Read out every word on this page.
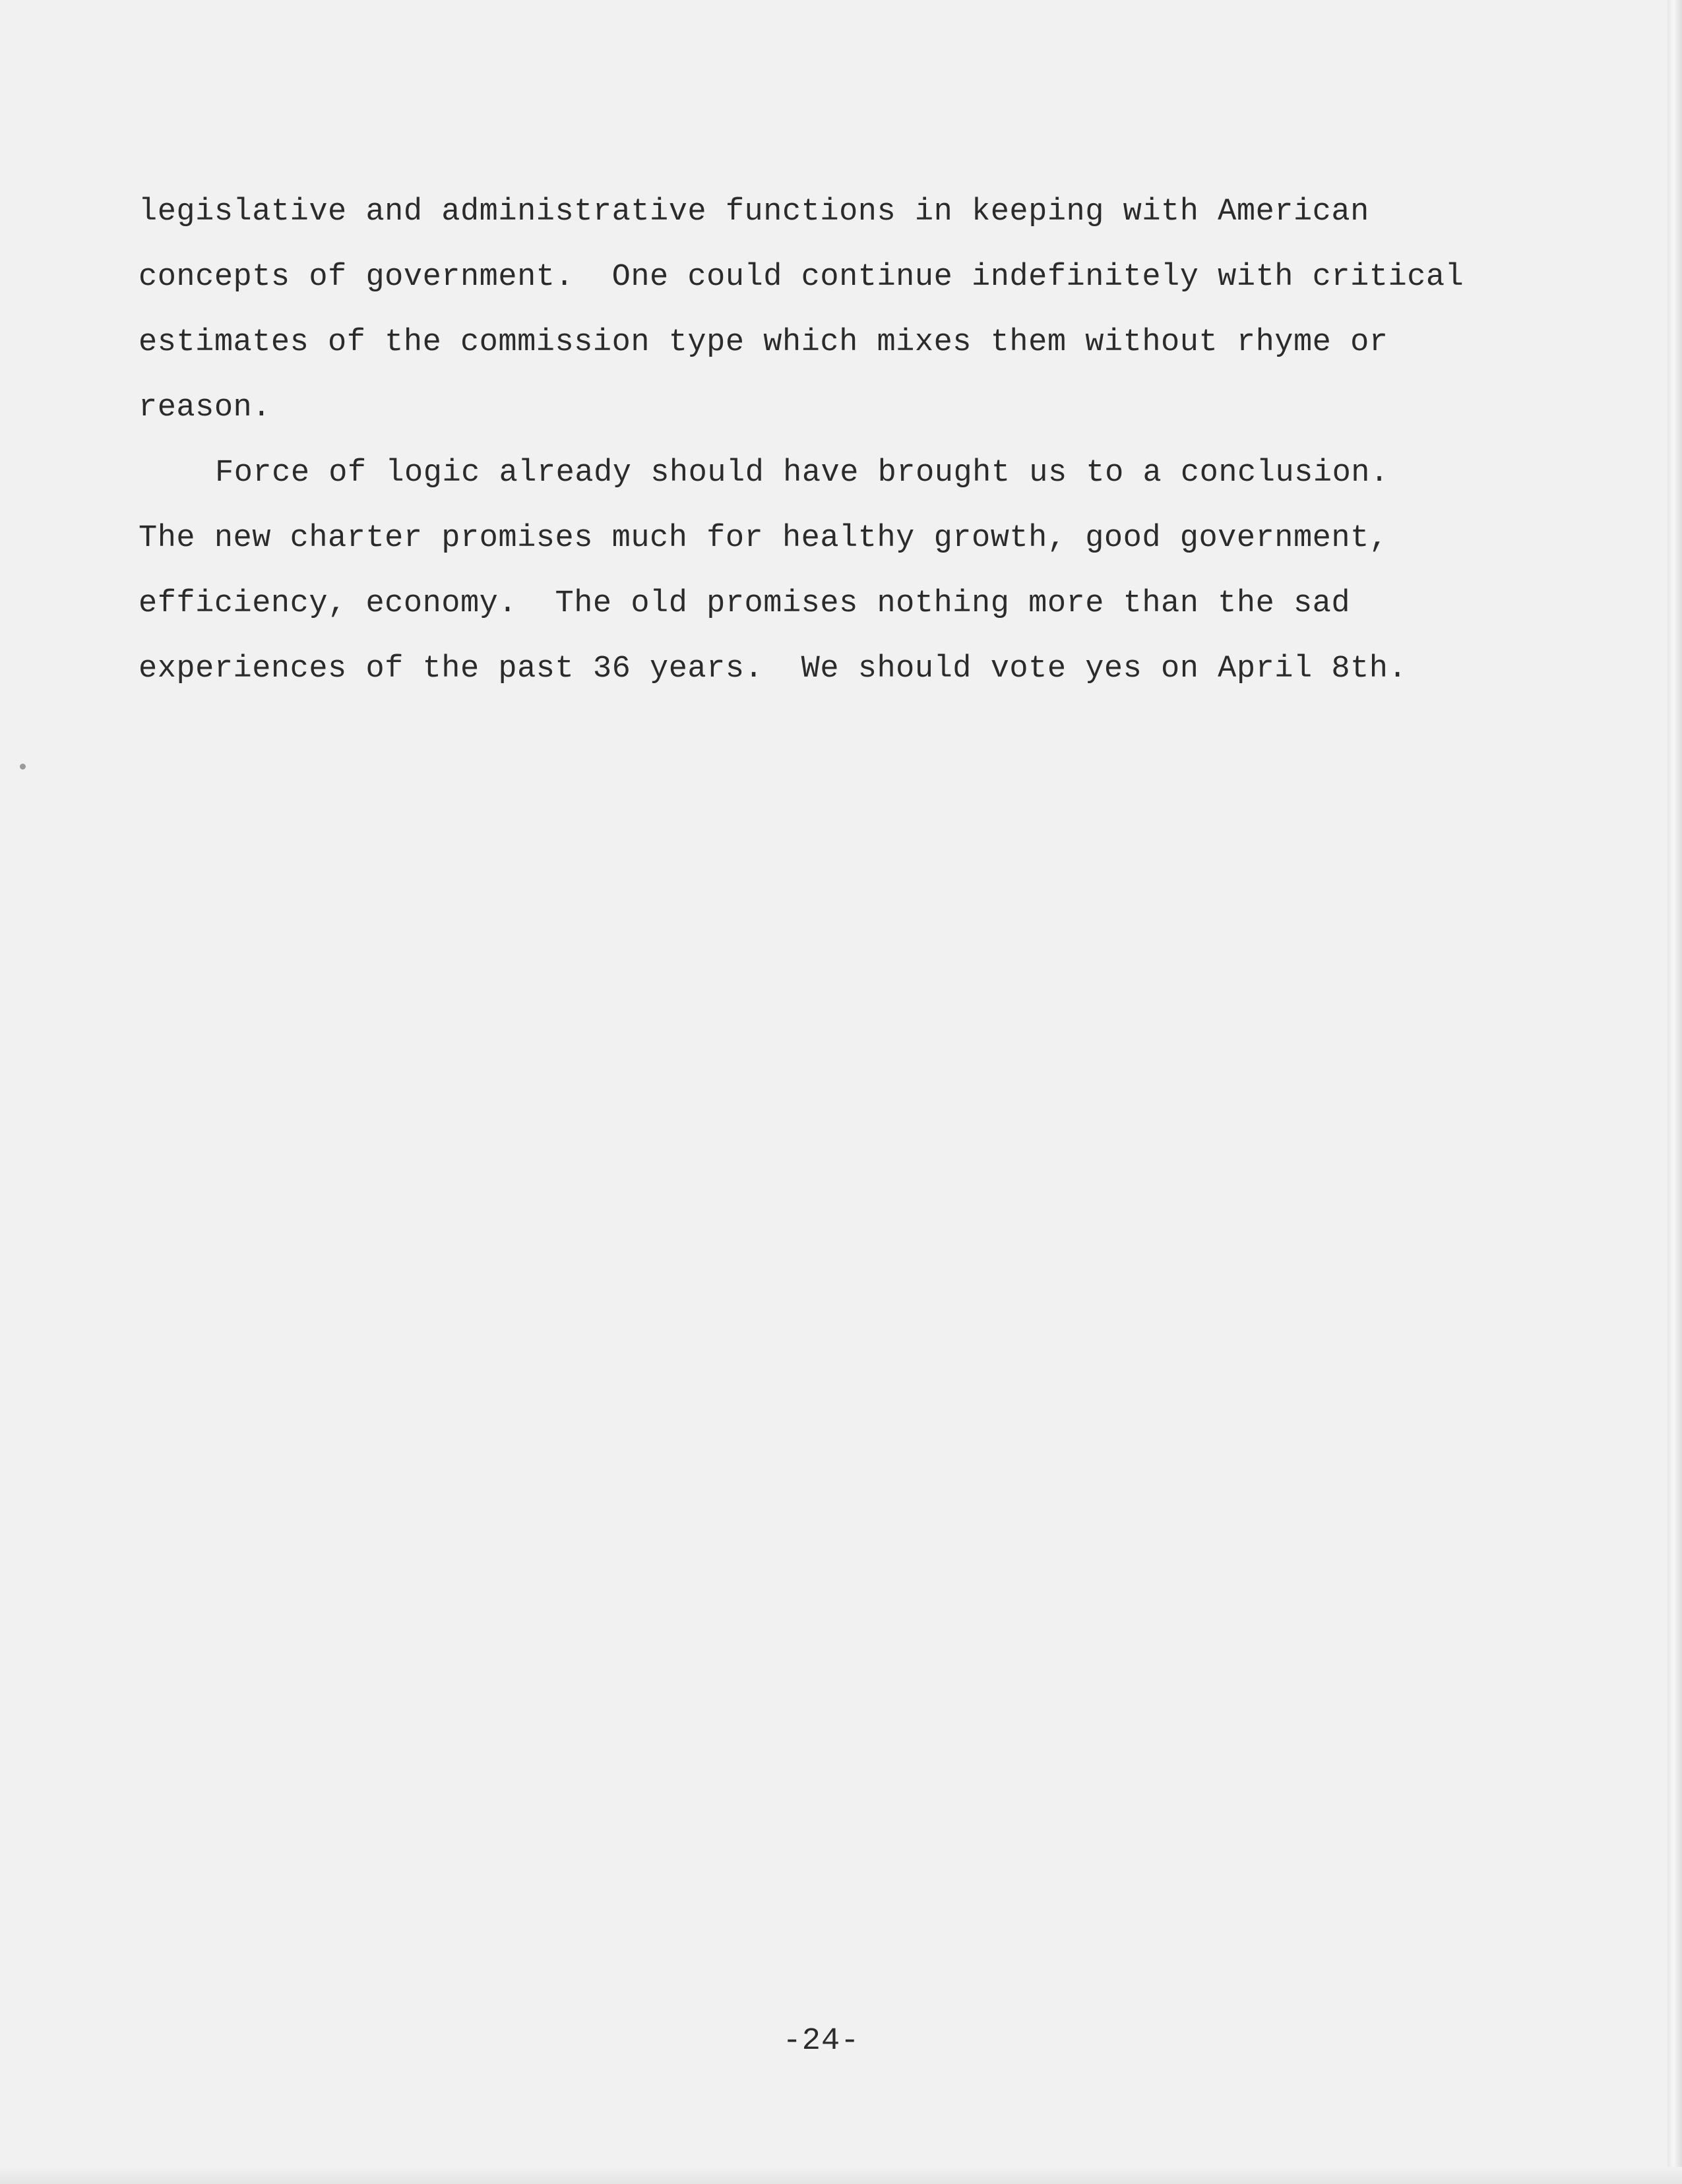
legislative and administrative functions in keeping with American
concepts of government.  One could continue indefinitely with critical
estimates of the commission type which mixes them without rhyme or
reason.
Force of logic already should have brought us to a conclusion.
The new charter promises much for healthy growth, good government,
efficiency, economy.  The old promises nothing more than the sad
experiences of the past 36 years.  We should vote yes on April 8th.
-24-
